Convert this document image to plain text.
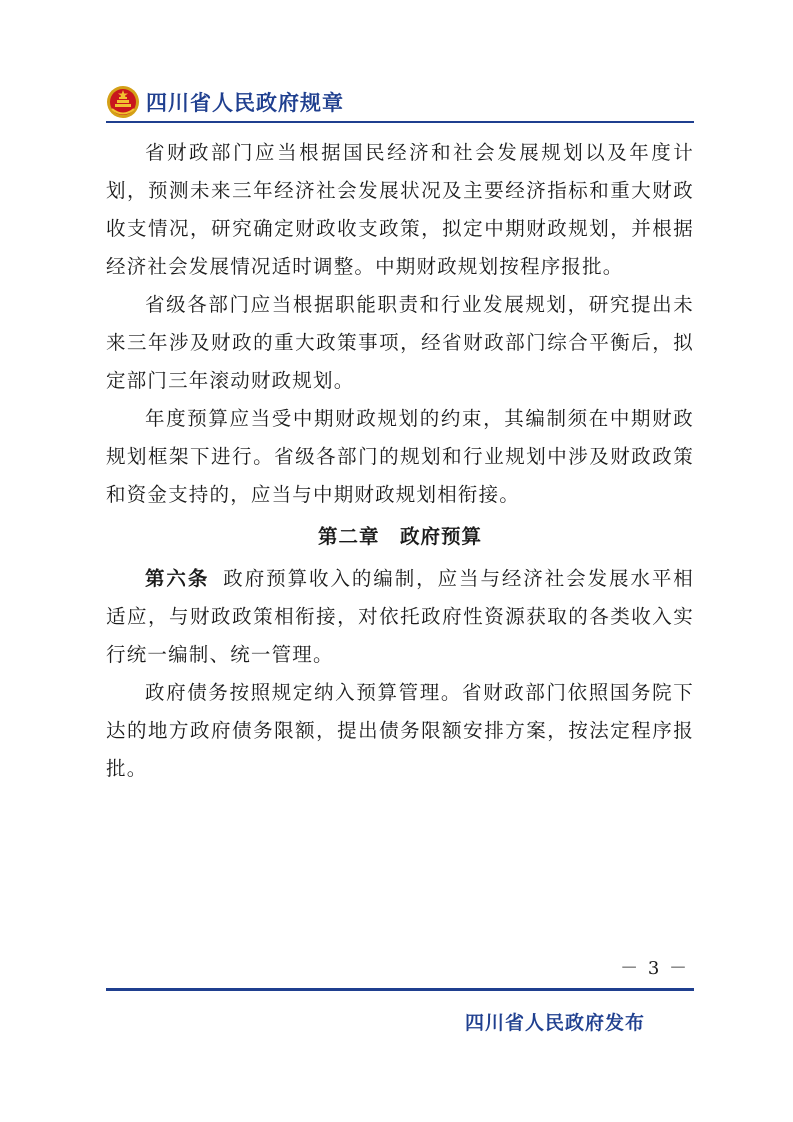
四川省人民政府规章

省财政部门应当根据国民经济和社会发展规划以及年度计划，预测未来三年经济社会发展状况及主要经济指标和重大财政收支情况，研究确定财政收支政策，拟定中期财政规划，并根据经济社会发展情况适时调整。中期财政规划按程序报批。

省级各部门应当根据职能职责和行业发展规划，研究提出未来三年涉及财政的重大政策事项，经省财政部门综合平衡后，拟定部门三年滚动财政规划。

年度预算应当受中期财政规划的约束，其编制须在中期财政规划框架下进行。省级各部门的规划和行业规划中涉及财政政策和资金支持的，应当与中期财政规划相衔接。

第二章　政府预算

第六条 政府预算收入的编制，应当与经济社会发展水平相适应，与财政政策相衔接，对依托政府性资源获取的各类收入实行统一编制、统一管理。

政府债务按照规定纳入预算管理。省财政部门依照国务院下达的地方政府债务限额，提出债务限额安排方案，按法定程序报批。

－ 3 －
四川省人民政府发布
